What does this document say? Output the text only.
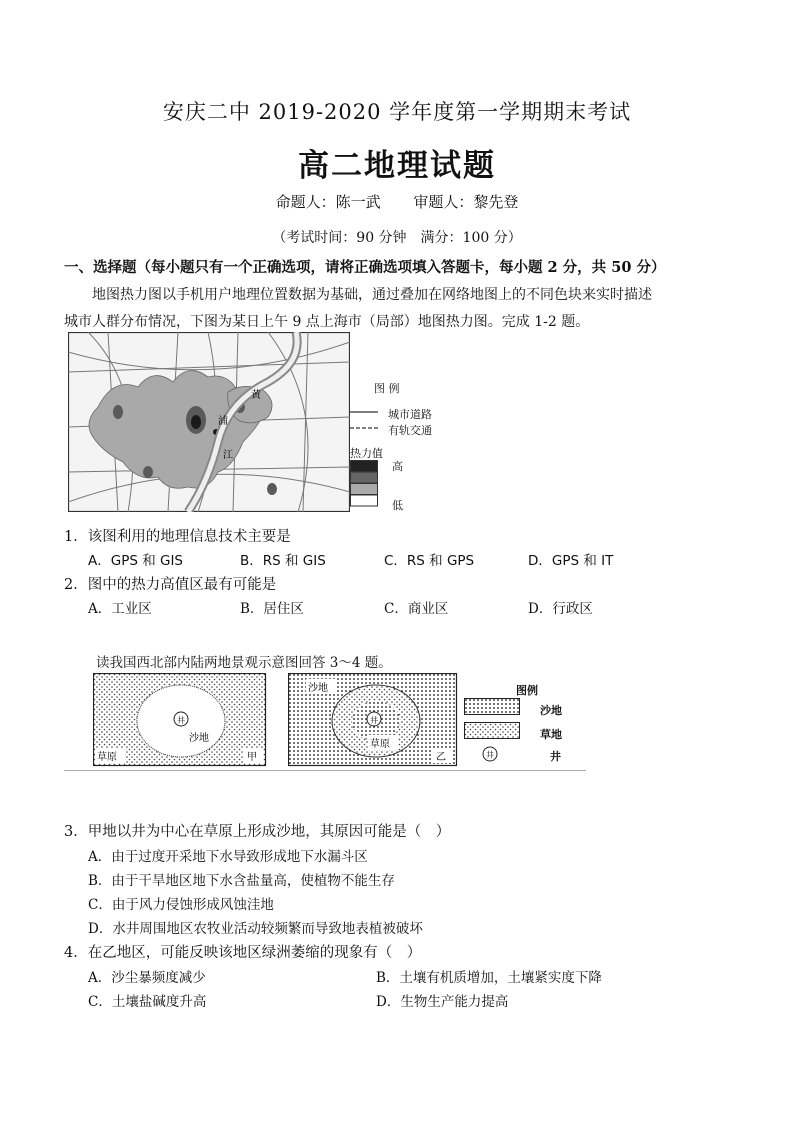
安庆二中 2019-2020 学年度第一学期期末考试
高二地理试题
命题人：陈一武 审题人：黎先登
（考试时间：90 分钟　满分：100 分）
一、选择题（每小题只有一个正确选项，请将正确选项填入答题卡，每小题 2 分，共 50 分）
地图热力图以手机用户地理位置数据为基础，通过叠加在网络地图上的不同色块来实时描述
城市人群分布情况，下图为某日上午 9 点上海市（局部）地图热力图。完成 1-2 题。
黄
浦
江
图 例
城市道路
有轨交通
热力值
高
低
1．该图利用的地理信息技术主要是
A．GPS 和 GIS	B．RS 和 GIS	C．RS 和 GPS	D．GPS 和 IT
2．图中的热力高值区最有可能是
A．工业区	B．居住区	C．商业区	D．行政区
读我国西北部内陆两地景观示意图回答 3～4 题。
井
沙地
草原	甲
井
沙地
草原
乙
图例
井
沙地
草地
井
3．甲地以井为中心在草原上形成沙地，其原因可能是（　）
A．由于过度开采地下水导致形成地下水漏斗区
B．由于干旱地区地下水含盐量高，使植物不能生存
C．由于风力侵蚀形成风蚀洼地
D．水井周围地区农牧业活动较频繁而导致地表植被破坏
4．在乙地区，可能反映该地区绿洲萎缩的现象有（　）
A．沙尘暴频度减少	B．土壤有机质增加，土壤紧实度下降
C．土壤盐碱度升高	D．生物生产能力提高
